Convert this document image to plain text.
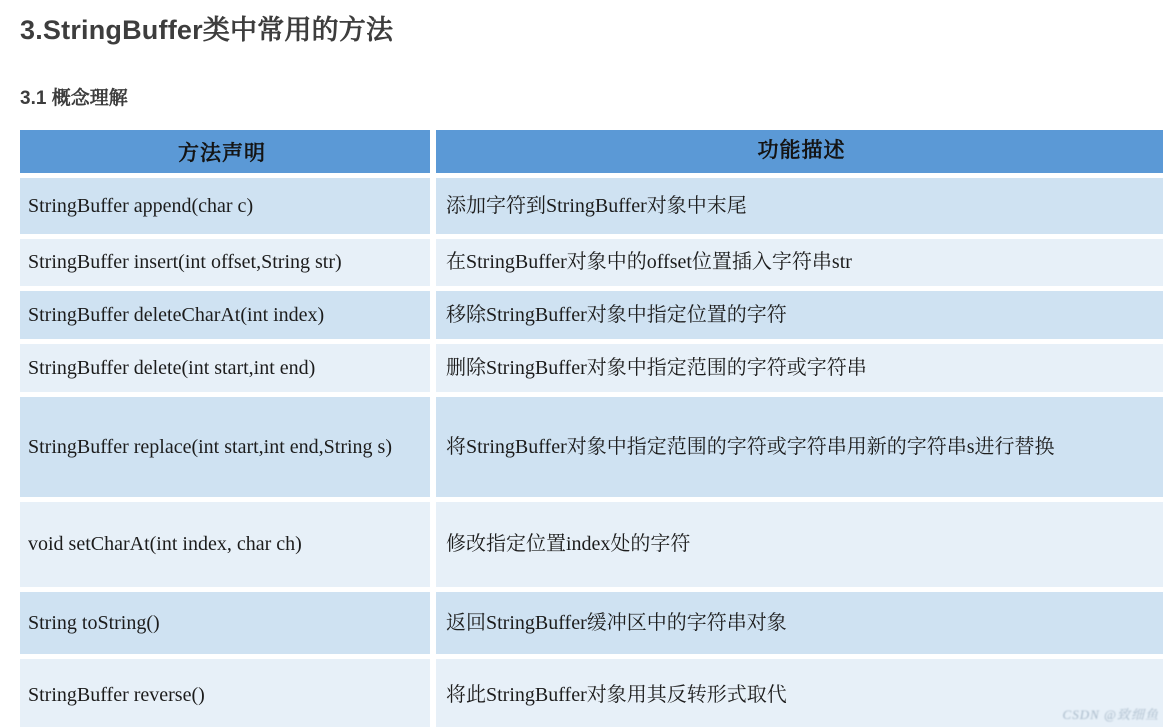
3.StringBuffer类中常用的方法
3.1 概念理解
方法声明	功能描述
StringBuffer append(char c)	添加字符到StringBuffer对象中末尾
StringBuffer insert(int offset,String str)	在StringBuffer对象中的offset位置插入字符串str
StringBuffer deleteCharAt(int index)	移除StringBuffer对象中指定位置的字符
StringBuffer delete(int start,int end)	删除StringBuffer对象中指定范围的字符或字符串
StringBuffer replace(int start,int end,String s)	将StringBuffer对象中指定范围的字符或字符串用新的字符串s进行替换
void setCharAt(int index, char ch)	修改指定位置index处的字符
String toString()	返回StringBuffer缓冲区中的字符串对象
StringBuffer reverse()	将此StringBuffer对象用其反转形式取代
CSDN @致细鱼
